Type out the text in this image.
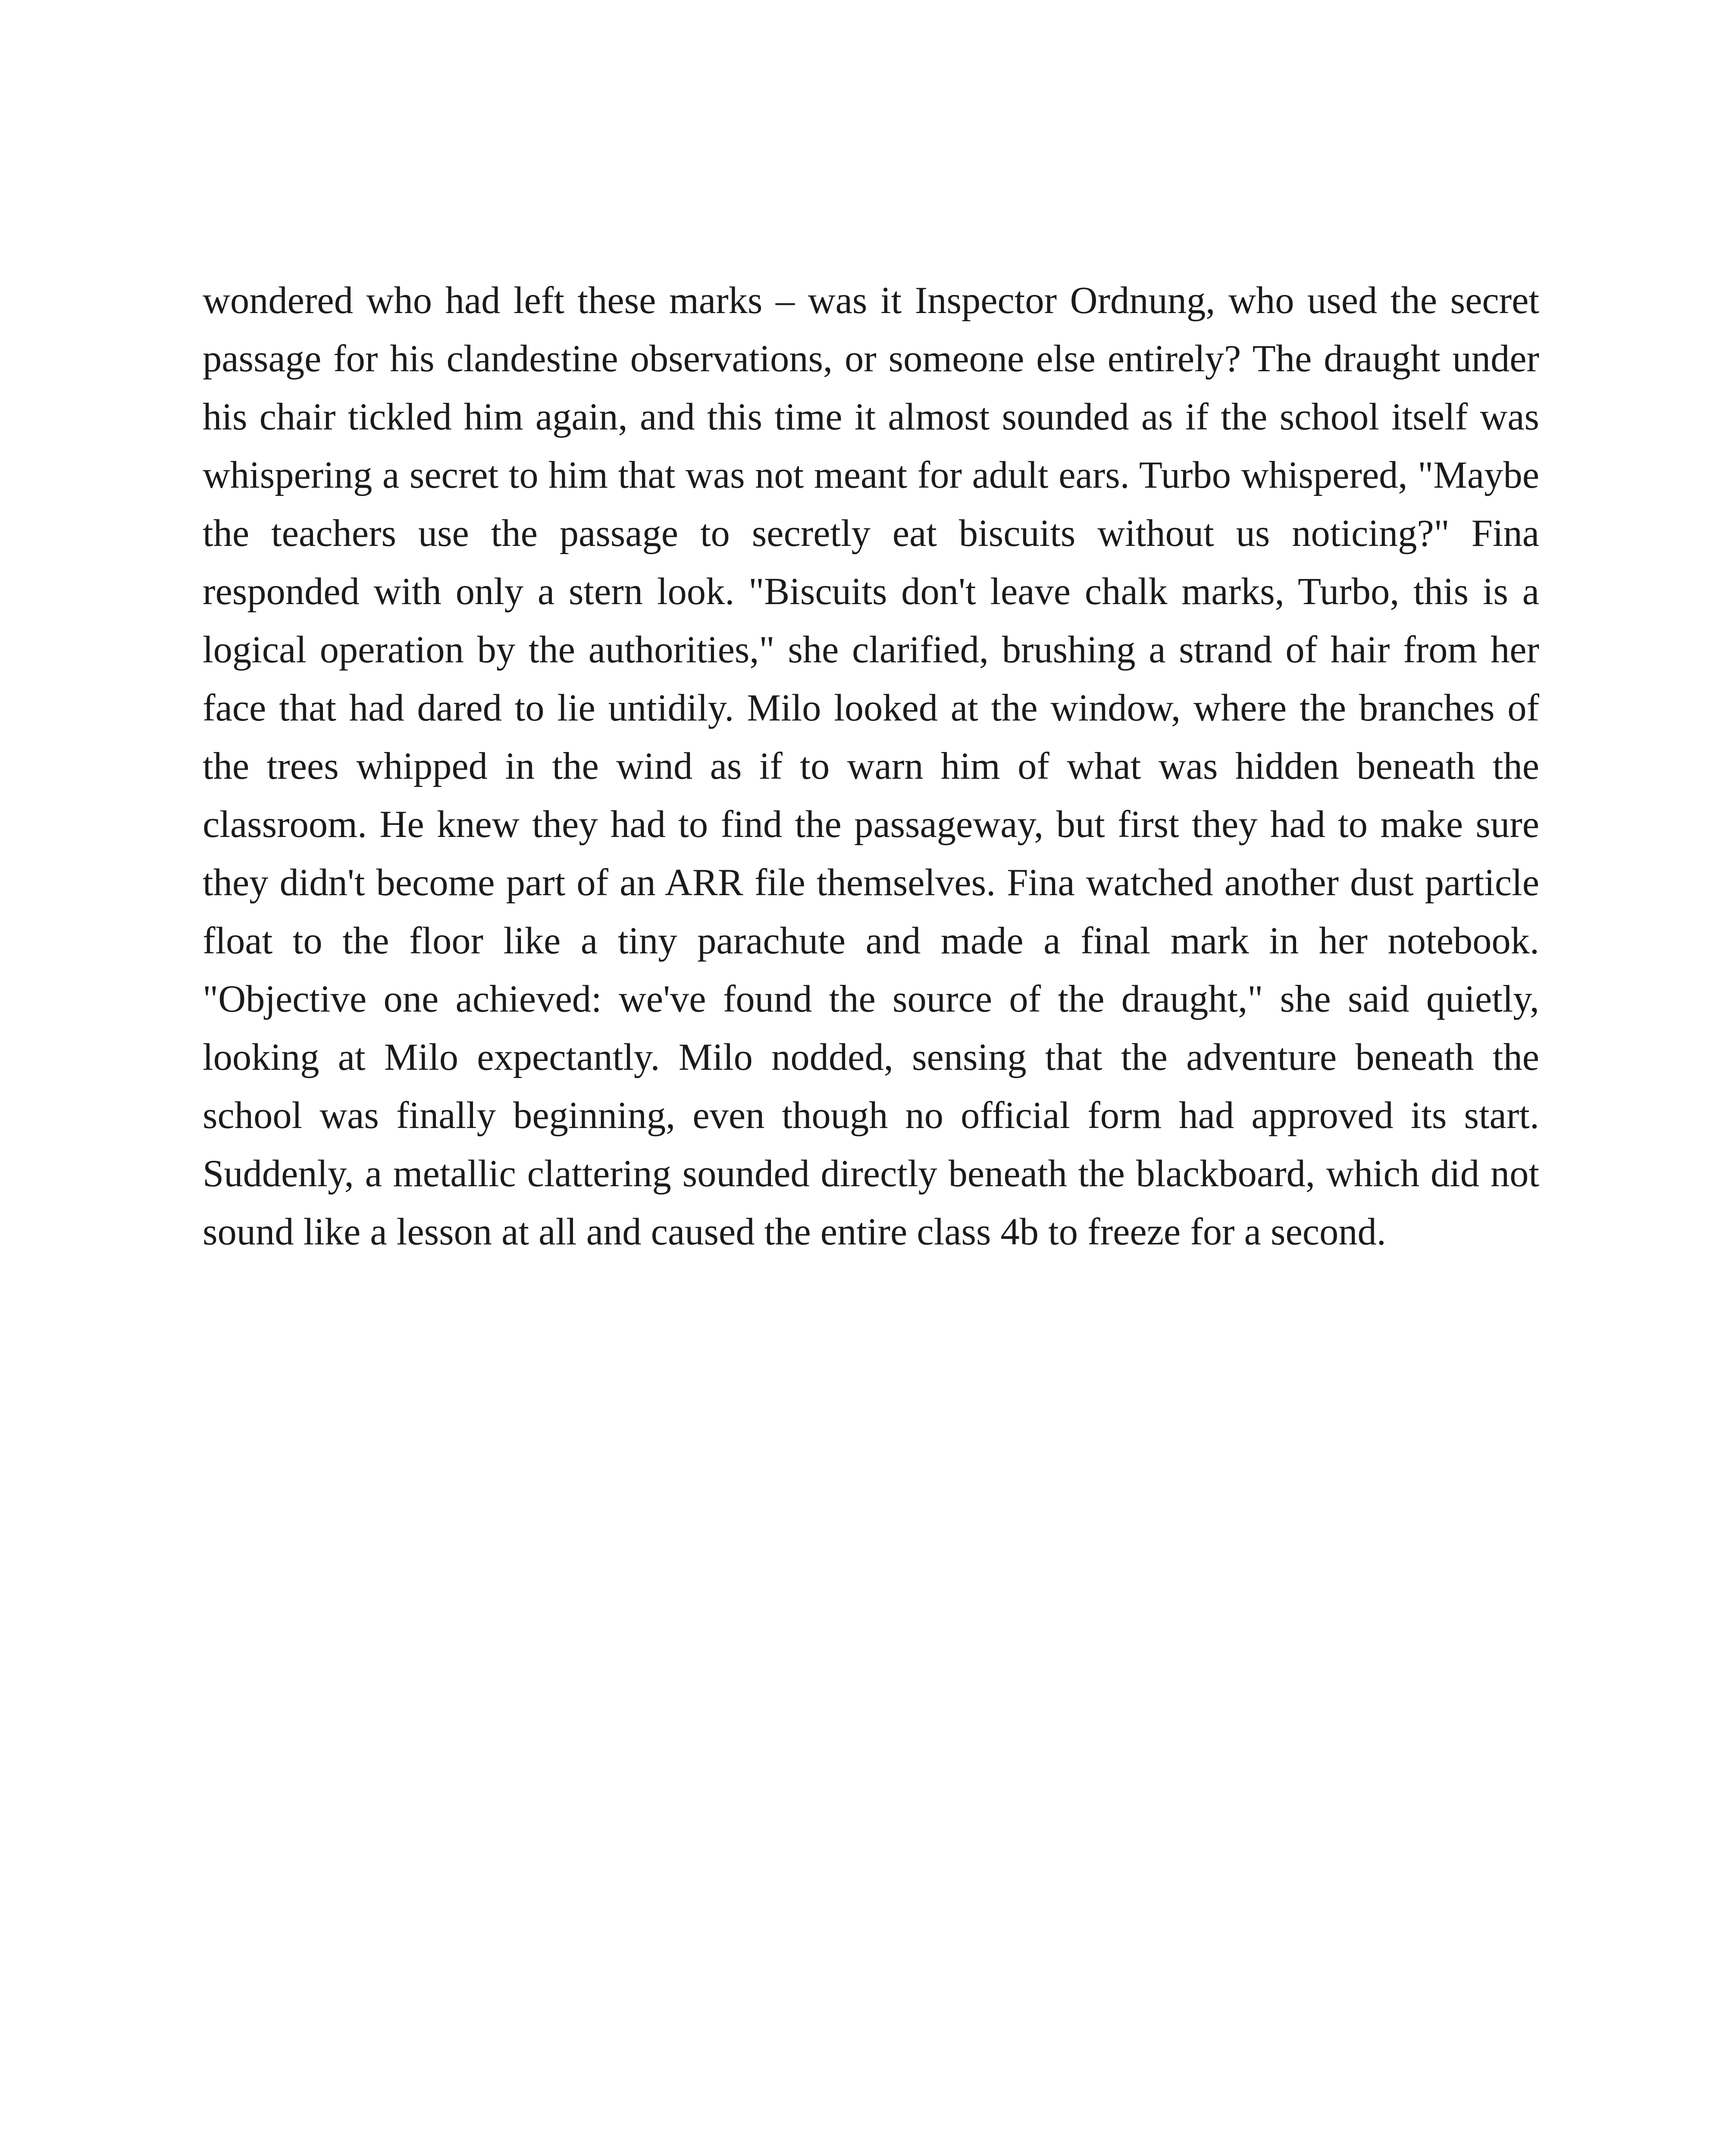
wondered who had left these marks – was it Inspector Ordnung, who used the secret passage for his clandestine observations, or someone else entirely? The draught under his chair tickled him again, and this time it almost sounded as if the school itself was whispering a secret to him that was not meant for adult ears. Turbo whispered, "Maybe the teachers use the passage to secretly eat biscuits without us noticing?" Fina responded with only a stern look. "Biscuits don't leave chalk marks, Turbo, this is a logical operation by the authorities," she clarified, brushing a strand of hair from her face that had dared to lie untidily. Milo looked at the window, where the branches of the trees whipped in the wind as if to warn him of what was hidden beneath the classroom. He knew they had to find the passageway, but first they had to make sure they didn't become part of an ARR file themselves. Fina watched another dust particle float to the floor like a tiny parachute and made a final mark in her notebook. "Objective one achieved: we've found the source of the draught," she said quietly, looking at Milo expectantly. Milo nodded, sensing that the adventure beneath the school was finally beginning, even though no official form had approved its start. Suddenly, a metallic clattering sounded directly beneath the blackboard, which did not sound like a lesson at all and caused the entire class 4b to freeze for a second.
